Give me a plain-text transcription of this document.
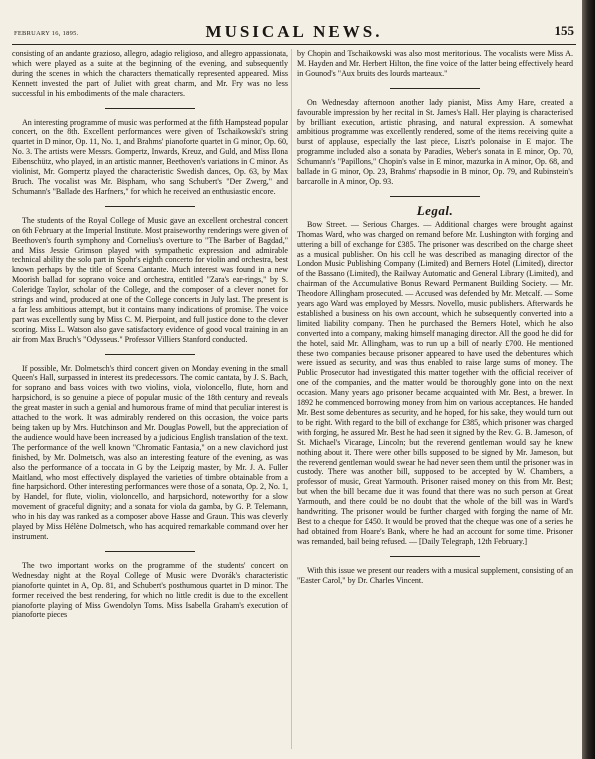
FEBRUARY 16, 1895.	MUSICAL NEWS.	155

consisting of an andante grazioso, allegro, adagio religioso, and allegro appassionata, which were played as a suite at the beginning of the evening, and subsequently during the scenes in which the characters thematically represented appeared. Miss Kennett invested the part of Juliet with great charm, and Mr. Fry was no less successful in his embodiments of the male characters.

An interesting programme of music was performed at the fifth Hampstead popular concert, on the 8th. Excellent performances were given of Tschaikowski's string quartet in D minor, Op. 11, No. 1, and Brahms' pianoforte quartet in G minor, Op. 60, No. 3. The artists were Messrs. Gompertz, Inwards, Kreuz, and Guld, and Miss Ilona Eibenschütz, who played, in an artistic manner, Beethoven's variations in C minor. As violinist, Mr. Gompertz played the characteristic Swedish dances, Op. 63, by Max Bruch. The vocalist was Mr. Bispham, who sang Schubert's "Der Zwerg," and Schumann's "Ballade des Harfners," for which he received an enthusiastic encore.

The students of the Royal College of Music gave an excellent orchestral concert on 6th February at the Imperial Institute. Most praiseworthy renderings were given of Beethoven's fourth symphony and Cornelius's overture to "The Barber of Bagdad," and Miss Jessie Grimson played with sympathetic expression and admirable technical ability the solo part in Spohr's eighth concerto for violin and orchestra, best known perhaps by the title of Scena Cantante. Much interest was found in a new Moorish ballad for soprano voice and orchestra, entitled "Zara's ear-rings," by S. Coleridge Taylor, scholar of the College, and the composer of a clever nonet for strings and wind, produced at one of the College concerts in July last. The present is a far less ambitious attempt, but it contains many indications of promise. The voice part was excellently sung by Miss C. M. Pierpoint, and full justice done to the clever scoring. Miss L. Watson also gave satisfactory evidence of good vocal training in an air from Max Bruch's "Odysseus." Professor Villiers Stanford conducted.

If possible, Mr. Dolmetsch's third concert given on Monday evening in the small Queen's Hall, surpassed in interest its predecessors. The comic cantata, by J. S. Bach, for soprano and bass voices with two violins, viola, violoncello, flute, horn and harpsichord, is so genuine a piece of popular music of the 18th century and reveals the great master in such a genial and humorous frame of mind that peculiar interest is attached to the work. It was admirably rendered on this occasion, the voice parts being taken up by Mrs. Hutchinson and Mr. Douglas Powell, but the appreciation of the audience would have been increased by a judicious English translation of the text. The performance of the well known "Chromatic Fantasia," on a new clavichord just finished, by Mr. Dolmetsch, was also an interesting feature of the evening, as was also the performance of a toccata in G by the Leipzig master, by Mr. J. A. Fuller Maitland, who most effectively displayed the varieties of timbre obtainable from a fine harpsichord. Other interesting performances were those of a sonata, Op. 2, No. 1, by Handel, for flute, violin, violoncello, and harpsichord, noteworthy for a slow movement of graceful dignity; and a sonata for viola da gamba, by G. P. Telemann, who in his day was ranked as a composer above Hasse and Graun. This was cleverly played by Miss Hélène Dolmetsch, who has acquired remarkable command over her instrument.

The two important works on the programme of the students' concert on Wednesday night at the Royal College of Music were Dvorák's characteristic pianoforte quintet in A, Op. 81, and Schubert's posthumous quartet in D minor. The former received the best rendering, for which no little credit is due to the excellent pianoforte playing of Miss Gwendolyn Toms. Miss Isabella Graham's execution of pianoforte pieces

by Chopin and Tschaikowski was also most meritorious. The vocalists were Miss A. M. Hayden and Mr. Herbert Hilton, the fine voice of the latter being effectively heard in Gounod's "Aux bruits des lourds marteaux."

On Wednesday afternoon another lady pianist, Miss Amy Hare, created a favourable impression by her recital in St. James's Hall. Her playing is characterised by brilliant execution, artistic phrasing, and natural expression. A somewhat ambitious programme was excellently rendered, some of the items receiving quite a burst of applause, especially the last piece, Liszt's polonaise in E major. The programme included also a sonata by Paradies, Weber's sonata in E minor, Op. 70, Schumann's "Papillons," Chopin's valse in E minor, mazurka in A minor, Op. 68, and ballade in G minor, Op. 23, Brahms' rhapsodie in B minor, Op. 79, and Rubinstein's barcarolle in A minor, Op. 93.

Legal.

Bow Street. — Serious Charges. — Additional charges were brought against Thomas Ward, who was charged on remand before Mr. Lushington with forging and uttering a bill of exchange for £385. The prisoner was described on the charge sheet as a musical publisher. On his ccll he was described as managing director of the London Music Publishing Company (Limited) and Berners Hotel (Limited), director of the Bassano (Limited), the Railway Automatic and General Library (Limited), and chairman of the Accumulative Bonus Reward Permanent Building Society. — Mr. Theodore Allingham prosecuted. — Accused was defended by Mr. Metcalf. — Some years ago Ward was employed by Messrs. Novello, music publishers. Afterwards he established a business on his own account, which he subsequently converted into a limited liability company. Then he purchased the Berners Hotel, which he also converted into a company, making himself managing director. All the good he did for the hotel, said Mr. Allingham, was to run up a bill of nearly £700. He mentioned these two companies because prisoner appeared to have used the debentures which were issued as security, and was thus enabled to raise large sums of money. The Public Prosecutor had investigated this matter together with the official receiver of one of the companies, and the matter would be thoroughly gone into on the next occasion. Many years ago prisoner became acquainted with Mr. Best, a brewer. In 1892 he commenced borrowing money from him on various acceptances. He handed Mr. Best some debentures as security, and he hoped, for his sake, they would turn out to be right. With regard to the bill of exchange for £385, which prisoner was charged with forging, he assured Mr. Best he had seen it signed by the Rev. G. B. Jameson, of St. Michael's Vicarage, Lincoln; but the reverend gentleman would say he knew nothing about it. There were other bills supposed to be signed by Mr. Jameson, but the reverend gentleman would swear he had never seen them until the prisoner was in custody. There was another bill, supposed to be accepted by W. Chambers, a professor of music, Great Yarmouth. Prisoner raised money on this from Mr. Best; but when the bill became due it was found that there was no such person at Great Yarmouth, and there could be no doubt that the whole of the bill was in Ward's handwriting. The prisoner would be further charged with forging the name of Mr. Best to a cheque for £450. It would be proved that the cheque was one of a series he had obtained from Hoare's Bank, where he had an account for some time. Prisoner was remanded, bail being refused. — [Daily Telegraph, 12th February.]

With this issue we present our readers with a musical supplement, consisting of an "Easter Carol," by Dr. Charles Vincent.
